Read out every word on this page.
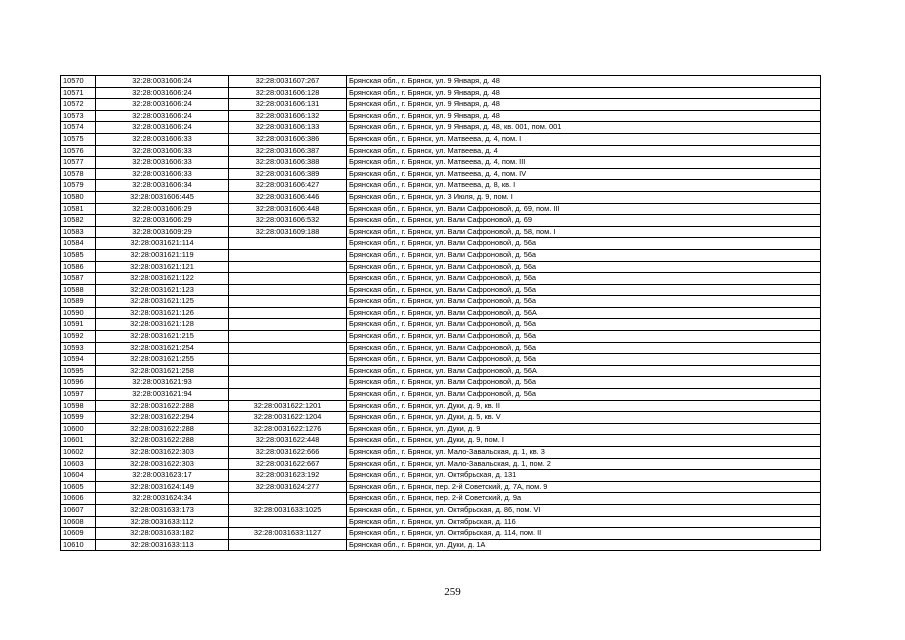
10570	32:28:0031606:24	32:28:0031607:267	Брянская обл., г. Брянск, ул. 9 Января, д. 48
10571	32:28:0031606:24	32:28:0031606:128	Брянская обл., г. Брянск, ул. 9 Января, д. 48
10572	32:28:0031606:24	32:28:0031606:131	Брянская обл., г. Брянск, ул. 9 Января, д. 48
10573	32:28:0031606:24	32:28:0031606:132	Брянская обл., г. Брянск, ул. 9 Января, д. 48
10574	32:28:0031606:24	32:28:0031606:133	Брянская обл., г. Брянск, ул. 9 Января, д. 48, кв. 001, пом. 001
10575	32:28:0031606:33	32:28:0031606:386	Брянская обл., г. Брянск, ул. Матвеева, д. 4, пом. I
10576	32:28:0031606:33	32:28:0031606:387	Брянская обл., г. Брянск, ул. Матвеева, д. 4
10577	32:28:0031606:33	32:28:0031606:388	Брянская обл., г. Брянск, ул. Матвеева, д. 4, пом. III
10578	32:28:0031606:33	32:28:0031606:389	Брянская обл., г. Брянск, ул. Матвеева, д. 4, пом. IV
10579	32:28:0031606:34	32:28:0031606:427	Брянская обл., г. Брянск, ул. Матвеева, д. 8, кв. I
10580	32:28:0031606:445	32:28:0031606:446	Брянская обл., г. Брянск, ул. 3 Июля, д. 9, пом. I
10581	32:28:0031606:29	32:28:0031606:448	Брянская обл., г. Брянск, ул. Вали Сафроновой, д. 69, пом. III
10582	32:28:0031606:29	32:28:0031606:532	Брянская обл., г. Брянск, ул. Вали Сафроновой, д. 69
10583	32:28:0031609:29	32:28:0031609:188	Брянская обл., г. Брянск, ул. Вали Сафроновой, д. 58, пом. I
10584	32:28:0031621:114		Брянская обл., г. Брянск, ул. Вали Сафроновой, д. 56а
10585	32:28:0031621:119		Брянская обл., г. Брянск, ул. Вали Сафроновой, д. 56а
10586	32:28:0031621:121		Брянская обл., г. Брянск, ул. Вали Сафроновой, д. 56а
10587	32:28:0031621:122		Брянская обл., г. Брянск, ул. Вали Сафроновой, д. 56а
10588	32:28:0031621:123		Брянская обл., г. Брянск, ул. Вали Сафроновой, д. 56а
10589	32:28:0031621:125		Брянская обл., г. Брянск, ул. Вали Сафроновой, д. 56а
10590	32:28:0031621:126		Брянская обл., г. Брянск, ул. Вали Сафроновой, д. 56А
10591	32:28:0031621:128		Брянская обл., г. Брянск, ул. Вали Сафроновой, д. 56а
10592	32:28:0031621:215		Брянская обл., г. Брянск, ул. Вали Сафроновой, д. 56а
10593	32:28:0031621:254		Брянская обл., г. Брянск, ул. Вали Сафроновой, д. 56а
10594	32:28:0031621:255		Брянская обл., г. Брянск, ул. Вали Сафроновой, д. 56а
10595	32:28:0031621:258		Брянская обл., г. Брянск, ул. Вали Сафроновой, д. 56А
10596	32:28:0031621:93		Брянская обл., г. Брянск, ул. Вали Сафроновой, д. 56а
10597	32:28:0031621:94		Брянская обл., г. Брянск, ул. Вали Сафроновой, д. 56а
10598	32:28:0031622:288	32:28:0031622:1201	Брянская обл., г. Брянск, ул. Дуки, д. 9, кв. II
10599	32:28:0031622:294	32:28:0031622:1204	Брянская обл., г. Брянск, ул. Дуки, д. 5, кв. V
10600	32:28:0031622:288	32:28:0031622:1276	Брянская обл., г. Брянск, ул. Дуки, д. 9
10601	32:28:0031622:288	32:28:0031622:448	Брянская обл., г. Брянск, ул. Дуки, д. 9, пом. I
10602	32:28:0031622:303	32:28:0031622:666	Брянская обл., г. Брянск, ул. Мало-Завальская, д. 1, кв. 3
10603	32:28:0031622:303	32:28:0031622:667	Брянская обл., г. Брянск, ул. Мало-Завальская, д. 1, пом. 2
10604	32:28:0031623:17	32:28:0031623:192	Брянская обл., г. Брянск, ул. Октябрьская, д. 131
10605	32:28:0031624:149	32:28:0031624:277	Брянская обл., г. Брянск, пер. 2-й Советский, д. 7А, пом. 9
10606	32:28:0031624:34		Брянская обл., г. Брянск, пер. 2-й Советский, д. 9а
10607	32:28:0031633:173	32:28:0031633:1025	Брянская обл., г. Брянск, ул. Октябрьская, д. 86, пом. VI
10608	32:28:0031633:112		Брянская обл., г. Брянск, ул. Октябрьская, д. 116
10609	32:28:0031633:182	32:28:0031633:1127	Брянская обл., г. Брянск, ул. Октябрьская, д. 114, пом. II
10610	32:28:0031633:113		Брянская обл., г. Брянск, ул. Дуки, д. 1А
259
